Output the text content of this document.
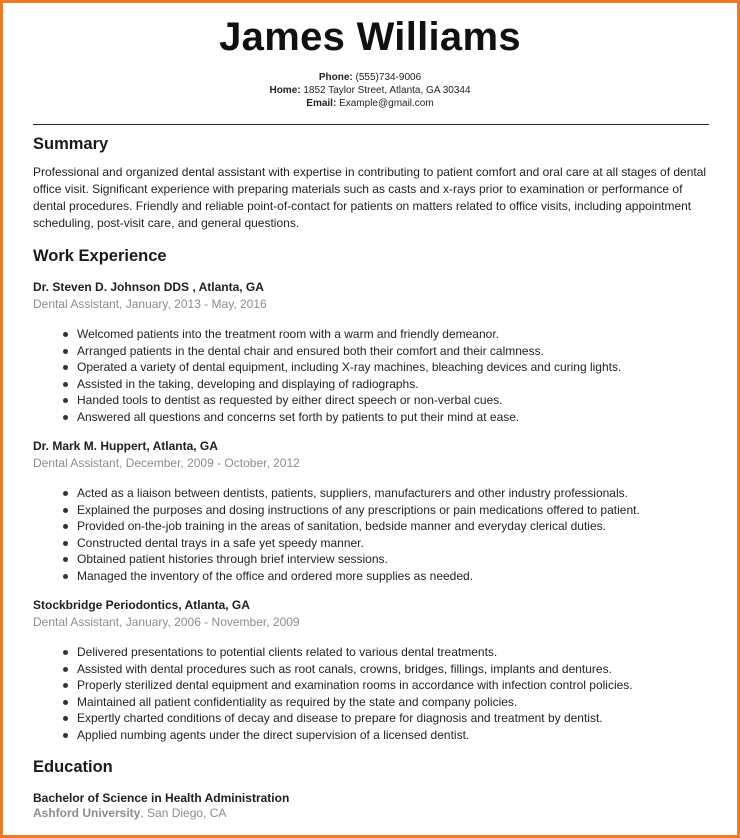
James Williams
Phone: (555)734-9006
Home: 1852 Taylor Street, Atlanta, GA 30344
Email: Example@gmail.com
Summary

Professional and organized dental assistant with expertise in contributing to patient comfort and oral care at all stages of dental office visit. Significant experience with preparing materials such as casts and x-rays prior to examination or performance of dental procedures. Friendly and reliable point-of-contact for patients on matters related to office visits, including appointment scheduling, post-visit care, and general questions.

Work Experience
Dr. Steven D. Johnson DDS , Atlanta, GA
Dental Assistant, January, 2013 - May, 2016
Welcomed patients into the treatment room with a warm and friendly demeanor.
Arranged patients in the dental chair and ensured both their comfort and their calmness.
Operated a variety of dental equipment, including X-ray machines, bleaching devices and curing lights.
Assisted in the taking, developing and displaying of radiographs.
Handed tools to dentist as requested by either direct speech or non-verbal cues.
Answered all questions and concerns set forth by patients to put their mind at ease.
Dr. Mark M. Huppert, Atlanta, GA
Dental Assistant, December, 2009 - October, 2012
Acted as a liaison between dentists, patients, suppliers, manufacturers and other industry professionals.
Explained the purposes and dosing instructions of any prescriptions or pain medications offered to patient.
Provided on-the-job training in the areas of sanitation, bedside manner and everyday clerical duties.
Constructed dental trays in a safe yet speedy manner.
Obtained patient histories through brief interview sessions.
Managed the inventory of the office and ordered more supplies as needed.
Stockbridge Periodontics, Atlanta, GA
Dental Assistant, January, 2006 - November, 2009
Delivered presentations to potential clients related to various dental treatments.
Assisted with dental procedures such as root canals, crowns, bridges, fillings, implants and dentures.
Properly sterilized dental equipment and examination rooms in accordance with infection control policies.
Maintained all patient confidentiality as required by the state and company policies.
Expertly charted conditions of decay and disease to prepare for diagnosis and treatment by dentist.
Applied numbing agents under the direct supervision of a licensed dentist.
Education
Bachelor of Science in Health Administration
Ashford University, San Diego, CA
